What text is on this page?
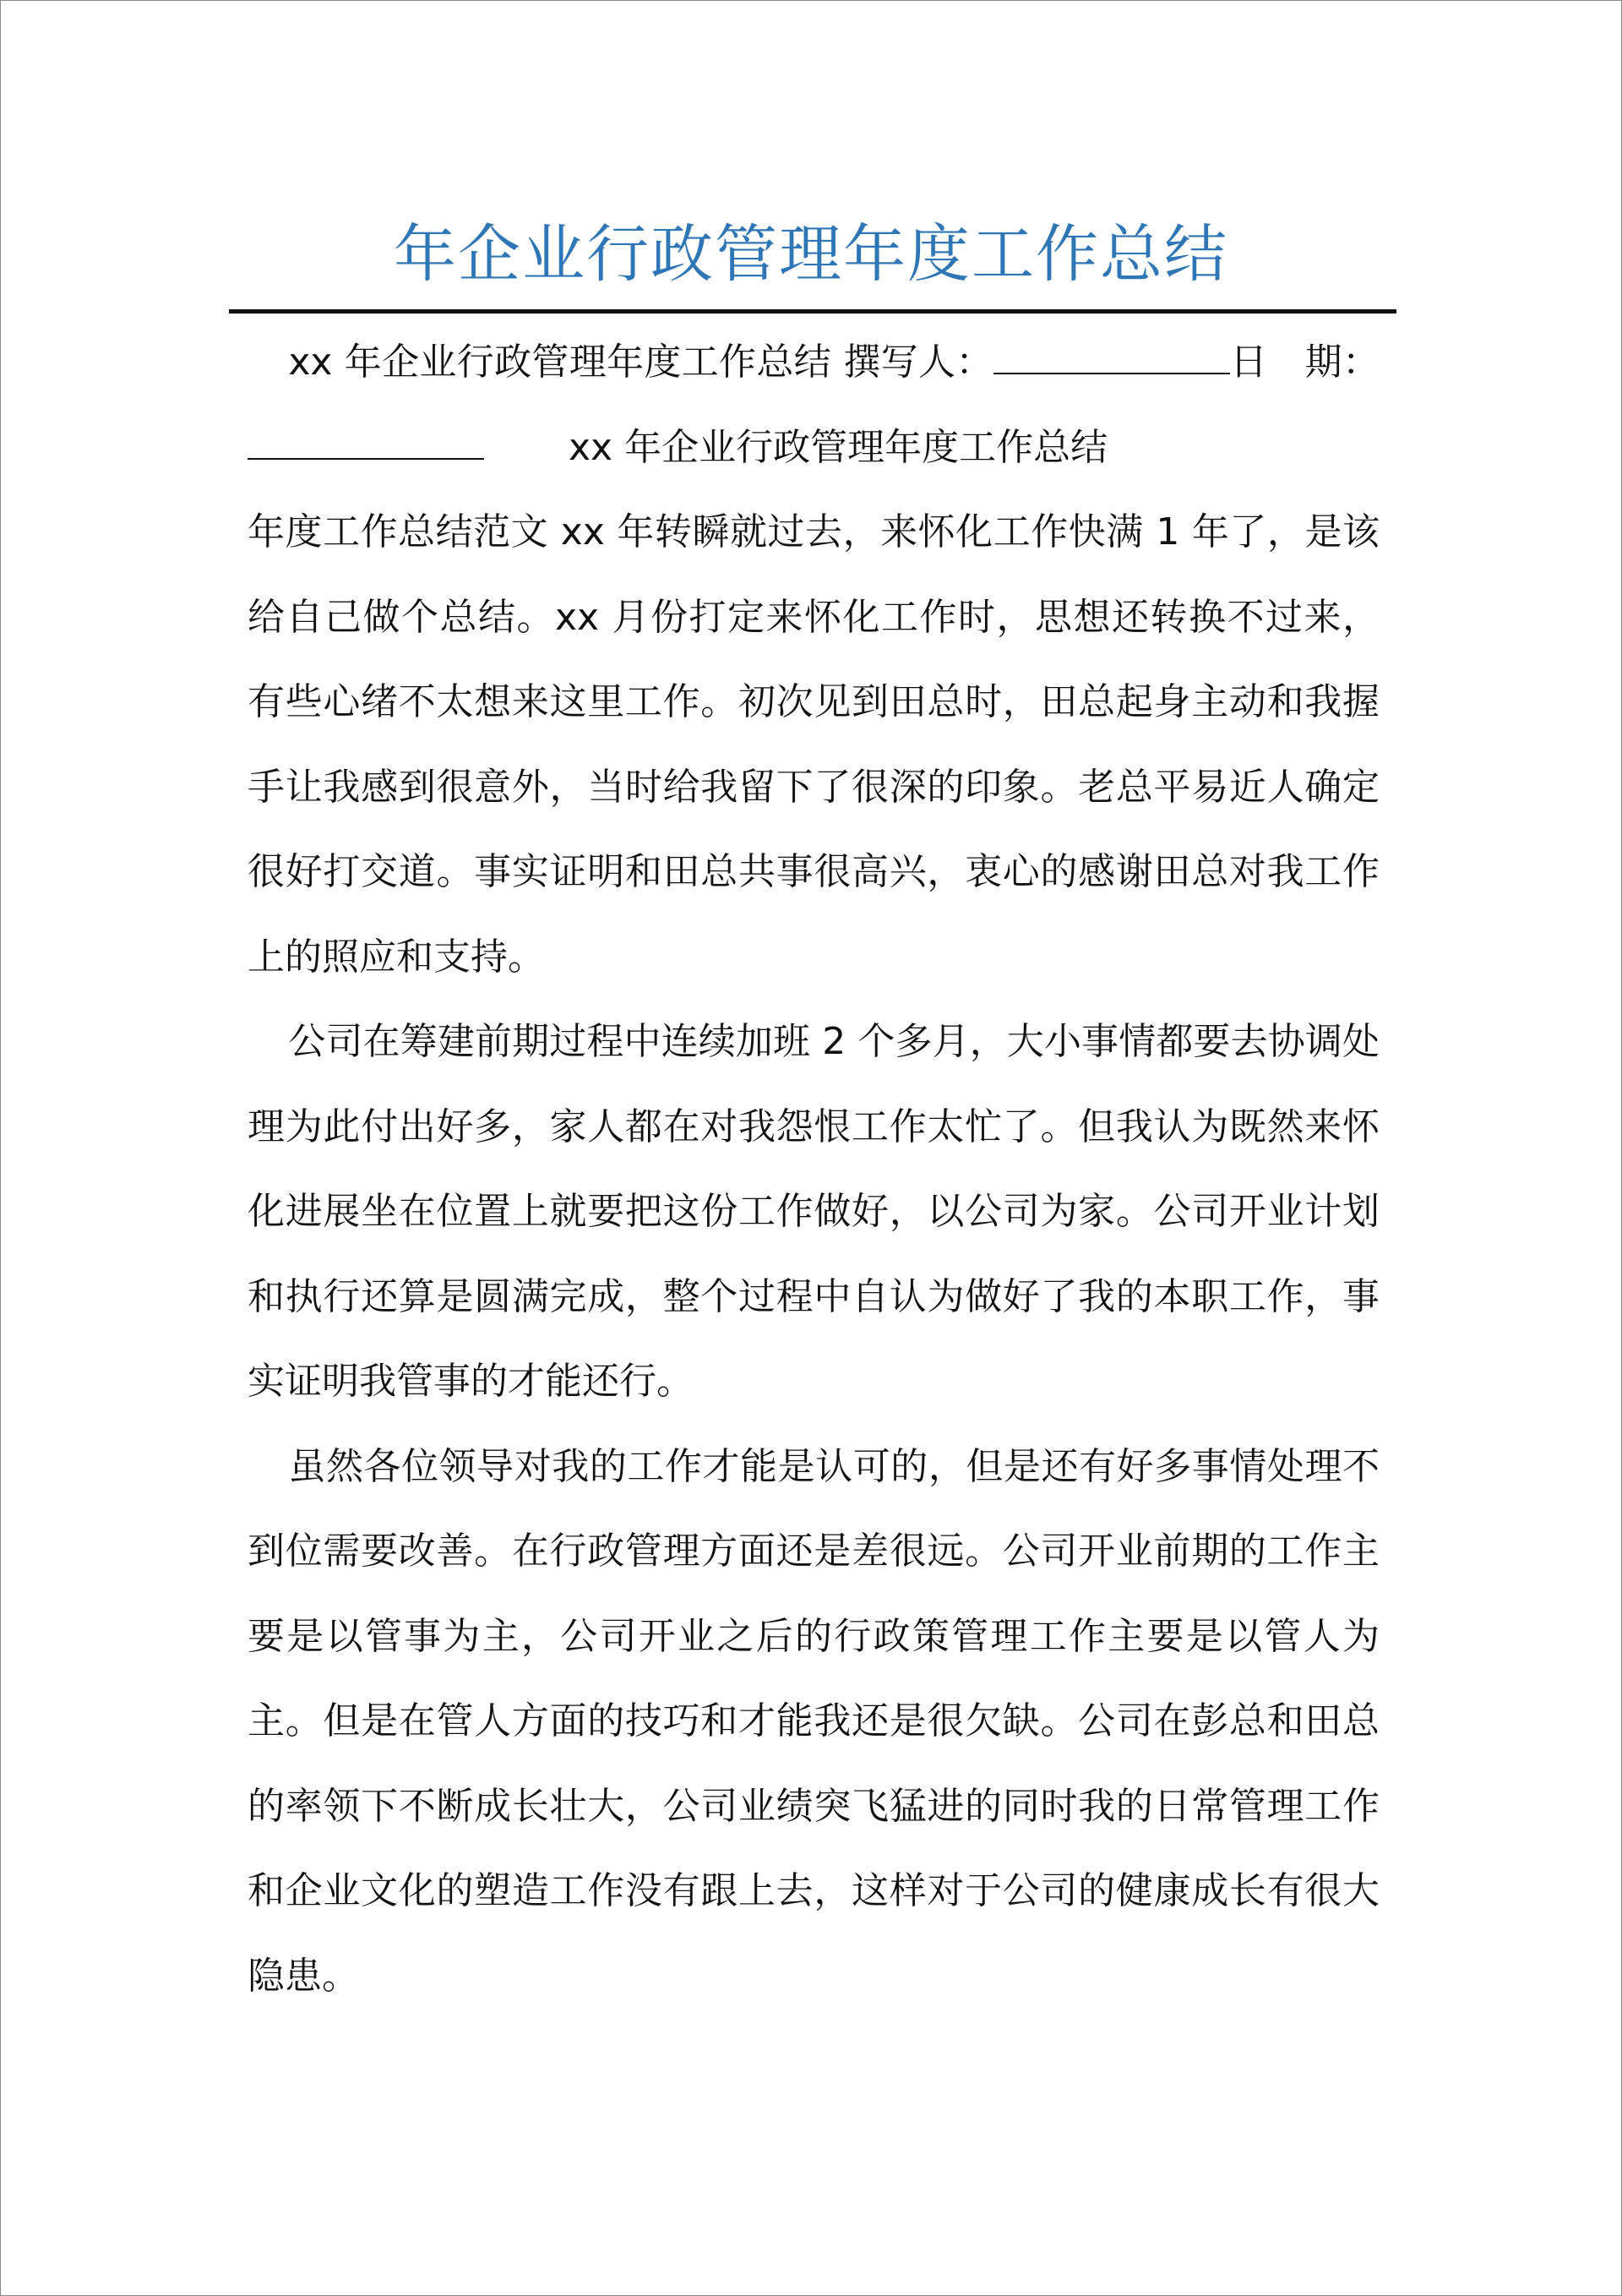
年企业行政管理年度工作总结

xx 年企业行政管理年度工作总结 撰写人：	日　期：xx 年企业行政管理年度工作总结

年度工作总结范文 xx 年转瞬就过去，来怀化工作快满 1 年了，是该给自己做个总结。xx 月份打定来怀化工作时，思想还转换不过来，有些心绪不太想来这里工作。初次见到田总时，田总起身主动和我握手让我感到很意外，当时给我留下了很深的印象。老总平易近人确定很好打交道。事实证明和田总共事很高兴，衷心的感谢田总对我工作上的照应和支持。

公司在筹建前期过程中连续加班 2 个多月，大小事情都要去协调处理为此付出好多，家人都在对我怨恨工作太忙了。但我认为既然来怀化进展坐在位置上就要把这份工作做好，以公司为家。公司开业计划和执行还算是圆满完成，整个过程中自认为做好了我的本职工作，事实证明我管事的才能还行。

虽然各位领导对我的工作才能是认可的，但是还有好多事情处理不到位需要改善。在行政管理方面还是差很远。公司开业前期的工作主要是以管事为主，公司开业之后的行政策管理工作主要是以管人为主。但是在管人方面的技巧和才能我还是很欠缺。公司在彭总和田总的率领下不断成长壮大，公司业绩突飞猛进的同时我的日常管理工作和企业文化的塑造工作没有跟上去，这样对于公司的健康成长有很大隐患。
